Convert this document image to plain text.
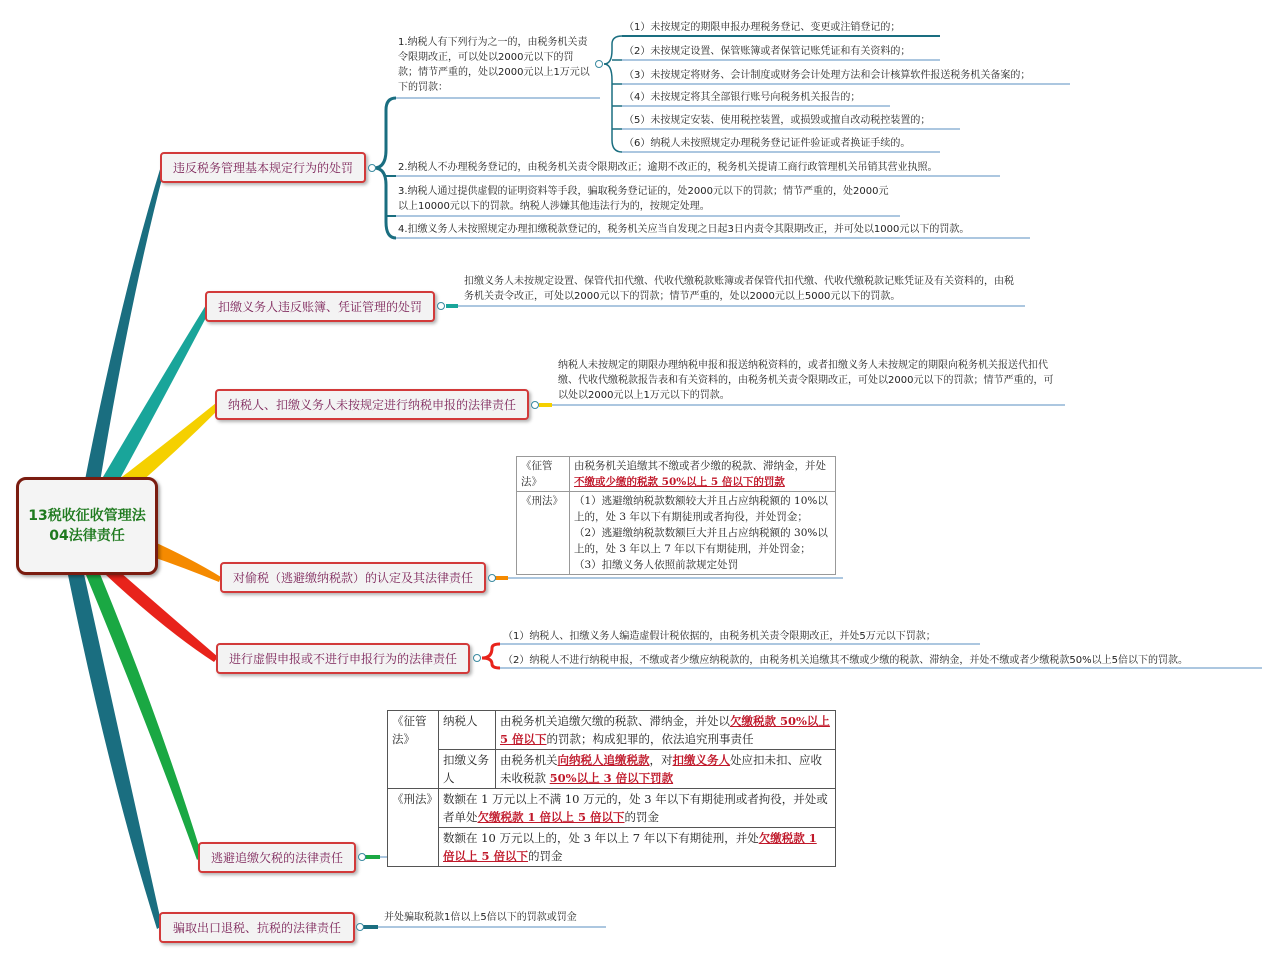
13税收征收管理法04法律责任
违反税务管理基本规定行为的处罚
扣缴义务人违反账簿、凭证管理的处罚
纳税人、扣缴义务人未按规定进行纳税申报的法律责任
对偷税（逃避缴纳税款）的认定及其法律责任
进行虚假申报或不进行申报行为的法律责任
逃避追缴欠税的法律责任
骗取出口退税、抗税的法律责任
1.纳税人有下列行为之一的，由税务机关责令限期改正，可以处以2000元以下的罚款；情节严重的，处以2000元以上1万元以下的罚款：
（1）未按规定的期限申报办理税务登记、变更或注销登记的；
（2）未按规定设置、保管账簿或者保管记账凭证和有关资料的；
（3）未按规定将财务、会计制度或财务会计处理方法和会计核算软件报送税务机关备案的；
（4）未按规定将其全部银行账号向税务机关报告的；
（5）未按规定安装、使用税控装置，或损毁或擅自改动税控装置的；
（6）纳税人未按照规定办理税务登记证件验证或者换证手续的。
2.纳税人不办理税务登记的，由税务机关责令限期改正；逾期不改正的，税务机关提请工商行政管理机关吊销其营业执照。
3.纳税人通过提供虚假的证明资料等手段，骗取税务登记证的，处2000元以下的罚款；情节严重的，处2000元以上10000元以下的罚款。纳税人涉嫌其他违法行为的，按规定处理。
4.扣缴义务人未按照规定办理扣缴税款登记的，税务机关应当自发现之日起3日内责令其限期改正，并可处以1000元以下的罚款。
扣缴义务人未按规定设置、保管代扣代缴、代收代缴税款账簿或者保管代扣代缴、代收代缴税款记账凭证及有关资料的，由税务机关责令改正，可处以2000元以下的罚款；情节严重的，处以2000元以上5000元以下的罚款。
纳税人未按规定的期限办理纳税申报和报送纳税资料的，或者扣缴义务人未按规定的期限向税务机关报送代扣代缴、代收代缴税款报告表和有关资料的，由税务机关责令限期改正，可处以2000元以下的罚款；情节严重的，可以处以2000元以上1万元以下的罚款。
《征管法》	由税务机关追缴其不缴或者少缴的税款、滞纳金，并处不缴或少缴的税款 50%以上 5 倍以下的罚款
《刑法》	（1）逃避缴纳税款数额较大并且占应纳税额的 10%以上的，处 3 年以下有期徒刑或者拘役，并处罚金；
（2）逃避缴纳税款数额巨大并且占应纳税额的 30%以上的，处 3 年以上 7 年以下有期徒刑，并处罚金；
（3）扣缴义务人依照前款规定处罚
（1）纳税人、扣缴义务人编造虚假计税依据的，由税务机关责令限期改正，并处5万元以下罚款；
（2）纳税人不进行纳税申报，不缴或者少缴应纳税款的，由税务机关追缴其不缴或少缴的税款、滞纳金，并处不缴或者少缴税款50%以上5倍以下的罚款。
《征管法》	纳税人	由税务机关追缴欠缴的税款、滞纳金，并处以欠缴税款 50%以上 5 倍以下的罚款；构成犯罪的，依法追究刑事责任
	扣缴义务人	由税务机关向纳税人追缴税款，对扣缴义务人处应扣未扣、应收未收税款 50%以上 3 倍以下罚款
《刑法》	数额在 1 万元以上不满 10 万元的，处 3 年以下有期徒刑或者拘役，并处或者单处欠缴税款 1 倍以上 5 倍以下的罚金	
	数额在 10 万元以上的，处 3 年以上 7 年以下有期徒刑，并处欠缴税款 1 倍以上 5 倍以下的罚金	
并处骗取税款1倍以上5倍以下的罚款或罚金
